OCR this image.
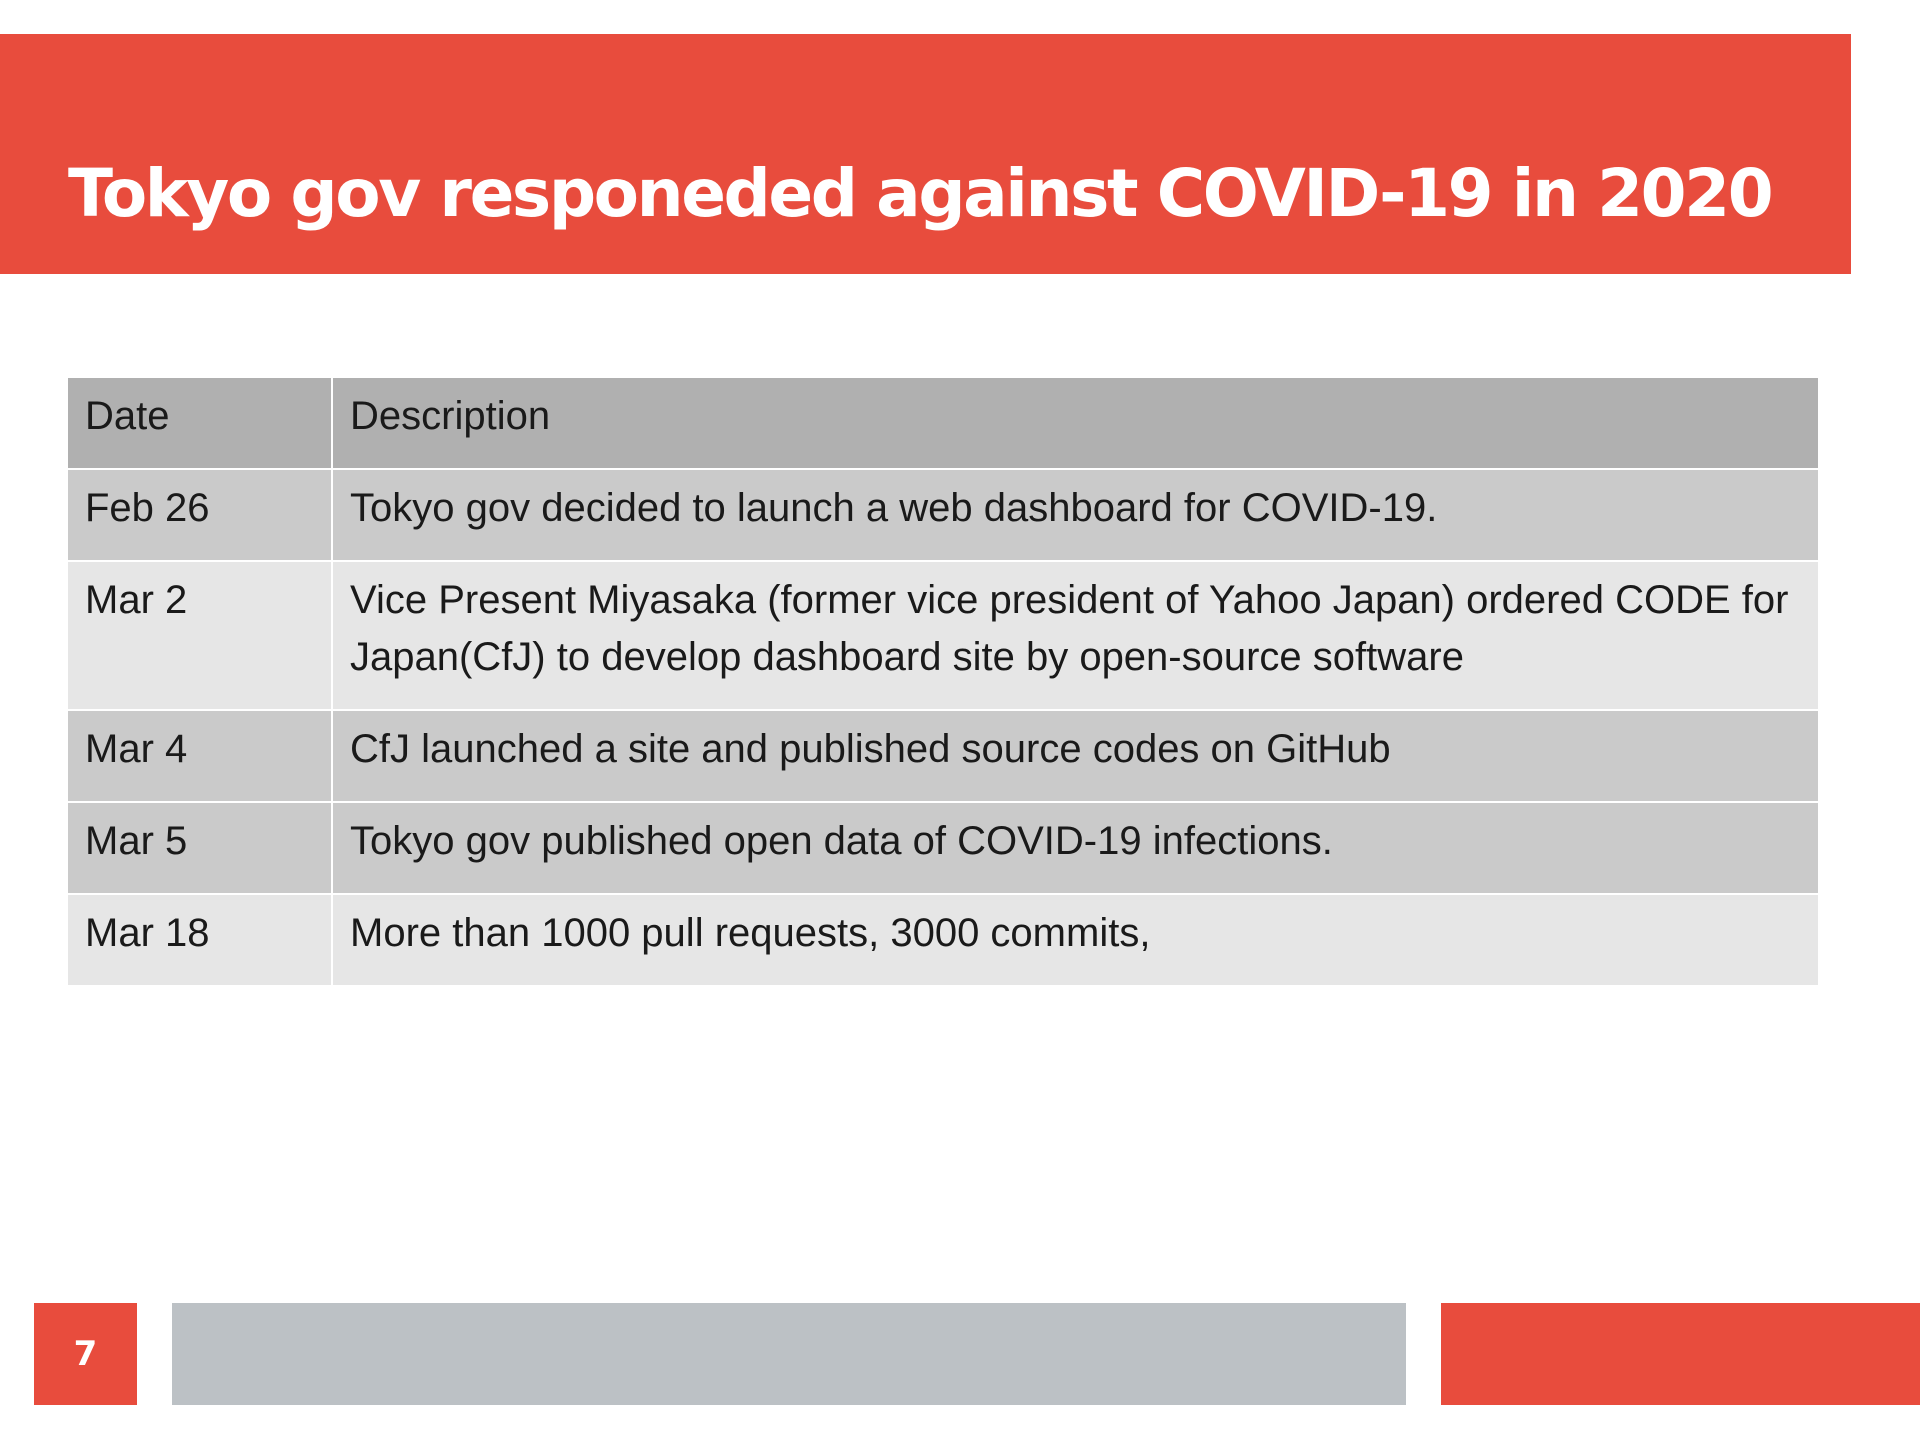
Tokyo gov responeded against COVID-19 in 2020
Date	Description
Feb 26	Tokyo gov decided to launch a web dashboard for COVID-19.
Mar 2	Vice Present Miyasaka (former vice president of Yahoo Japan) ordered CODE for Japan(CfJ) to develop dashboard site by open-source software
Mar 4	CfJ launched a site and published source codes on GitHub
Mar 5	Tokyo gov published open data of COVID-19 infections.
Mar 18	More than 1000 pull requests, 3000 commits,
7
